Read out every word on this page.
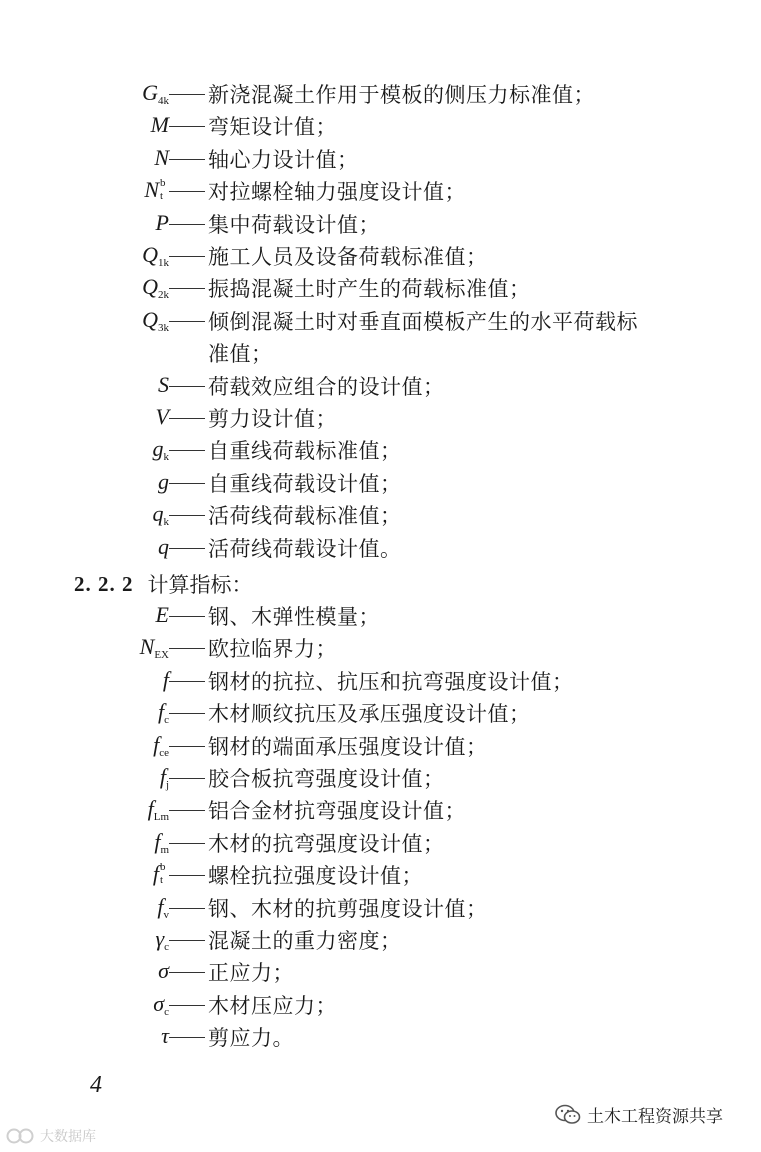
$G_{4k}$ 新浇混凝土作用于模板的侧压力标准值；
M 弯矩设计值；
N 轴心力设计值；
N b
t 对拉螺栓轴力强度设计值；
P 集中荷载设计值；
$Q_{1k}$ 施工人员及设备荷载标准值；
$Q_{2k}$ 振捣混凝土时产生的荷载标准值；
$Q_{3k}$ 倾倒混凝土时对垂直面模板产生的水平荷载标
准值；
S 荷载效应组合的设计值；
V 剪力设计值；
$g_k$ 自重线荷载标准值；
g 自重线荷载设计值；
$q_k$ 活荷线荷载标准值；
q 活荷线荷载设计值。
2. 2. 2 计算指标：
E 钢、木弹性模量；
$N_{EX}$ 欧拉临界力；
f 钢材的抗拉、抗压和抗弯强度设计值；
$f_c$ 木材顺纹抗压及承压强度设计值；
$f_{ce}$ 钢材的端面承压强度设计值；
$f_j$ 胶合板抗弯强度设计值；
$f_{Lm}$ 铝合金材抗弯强度设计值；
$f_m$ 木材的抗弯强度设计值；
f b
t 螺栓抗拉强度设计值；
$f_v$ 钢、木材的抗剪强度设计值；
$\gamma_c$ 混凝土的重力密度；
σ 正应力；
$\sigma_c$ 木材压应力；
τ 剪应力。
4
土木工程资源共享
大数据库
